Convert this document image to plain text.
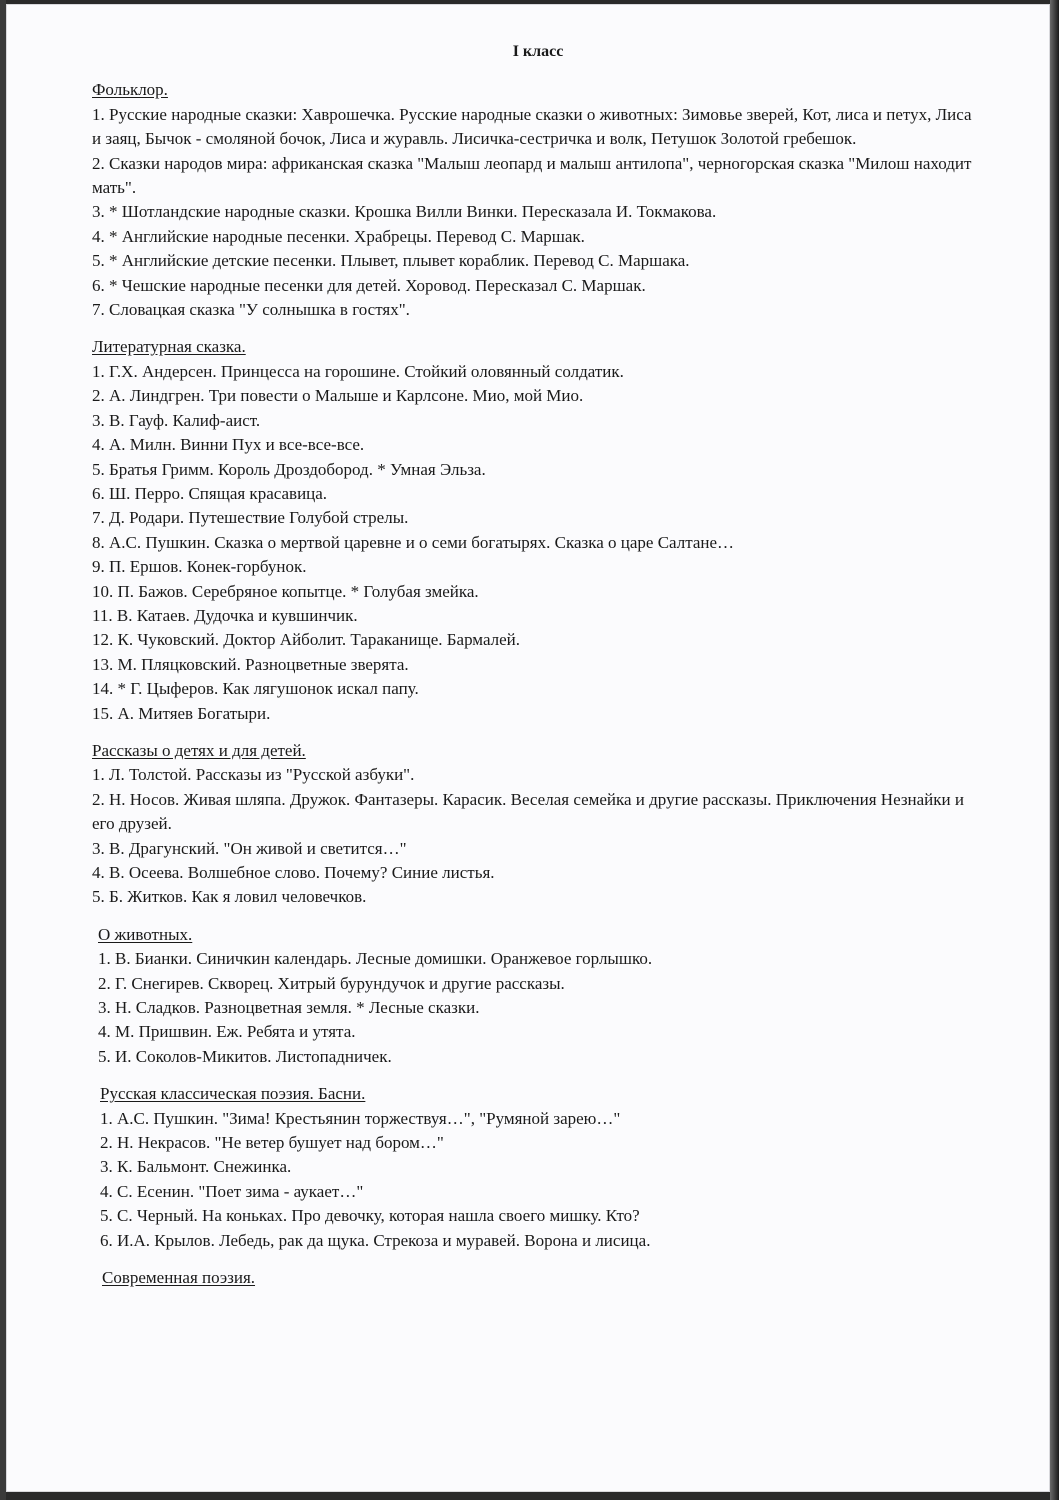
I класс
Фольклор.
1. Русские народные сказки: Хаврошечка. Русские народные сказки о животных: Зимовье зверей, Кот, лиса и петух, Лиса и заяц, Бычок - смоляной бочок, Лиса и журавль. Лисичка-сестричка и волк, Петушок Золотой гребешок.
2. Сказки народов мира: африканская сказка "Малыш леопард и малыш антилопа", черногорская сказка "Милош находит мать".
3. * Шотландские народные сказки. Крошка Вилли Винки. Пересказала И. Токмакова.
4. * Английские народные песенки. Храбрецы. Перевод С. Маршак.
5. * Английские детские песенки. Плывет, плывет кораблик. Перевод С. Маршака.
6. * Чешские народные песенки для детей. Хоровод. Пересказал С. Маршак.
7. Словацкая сказка "У солнышка в гостях".
Литературная сказка.
1. Г.Х. Андерсен. Принцесса на горошине. Стойкий оловянный солдатик.
2. А. Линдгрен. Три повести о Малыше и Карлсоне. Мио, мой Мио.
3. В. Гауф. Калиф-аист.
4. А. Милн. Винни Пух и все-все-все.
5. Братья Гримм. Король Дроздобород. * Умная Эльза.
6. Ш. Перро. Спящая красавица.
7. Д. Родари. Путешествие Голубой стрелы.
8. А.С. Пушкин. Сказка о мертвой царевне и о семи богатырях. Сказка о царе Салтане…
9. П. Ершов. Конек-горбунок.
10. П. Бажов. Серебряное копытце. * Голубая змейка.
11. В. Катаев. Дудочка и кувшинчик.
12. К. Чуковский. Доктор Айболит. Тараканище. Бармалей.
13. М. Пляцковский. Разноцветные зверята.
14. * Г. Цыферов. Как лягушонок искал папу.
15. А. Митяев Богатыри.
Рассказы о детях и для детей.
1. Л. Толстой. Рассказы из "Русской азбуки".
2. Н. Носов. Живая шляпа. Дружок. Фантазеры. Карасик. Веселая семейка и другие рассказы. Приключения Незнайки и его друзей.
3. В. Драгунский. "Он живой и светится…"
4. В. Осеева. Волшебное слово. Почему? Синие листья.
5. Б. Житков. Как я ловил человечков.
О животных.
1. В. Бианки. Синичкин календарь. Лесные домишки. Оранжевое горлышко.
2. Г. Снегирев. Скворец. Хитрый бурундучок и другие рассказы.
3. Н. Сладков. Разноцветная земля. * Лесные сказки.
4. М. Пришвин. Еж. Ребята и утята.
5. И. Соколов-Микитов. Листопадничек.
Русская классическая поэзия. Басни.
1. А.С. Пушкин. "Зима! Крестьянин торжествуя…", "Румяной зарею…"
2. Н. Некрасов. "Не ветер бушует над бором…"
3. К. Бальмонт. Снежинка.
4. С. Есенин. "Поет зима - аукает…"
5. С. Черный. На коньках. Про девочку, которая нашла своего мишку. Кто?
6. И.А. Крылов. Лебедь, рак да щука. Стрекоза и муравей. Ворона и лисица.
Современная поэзия.
